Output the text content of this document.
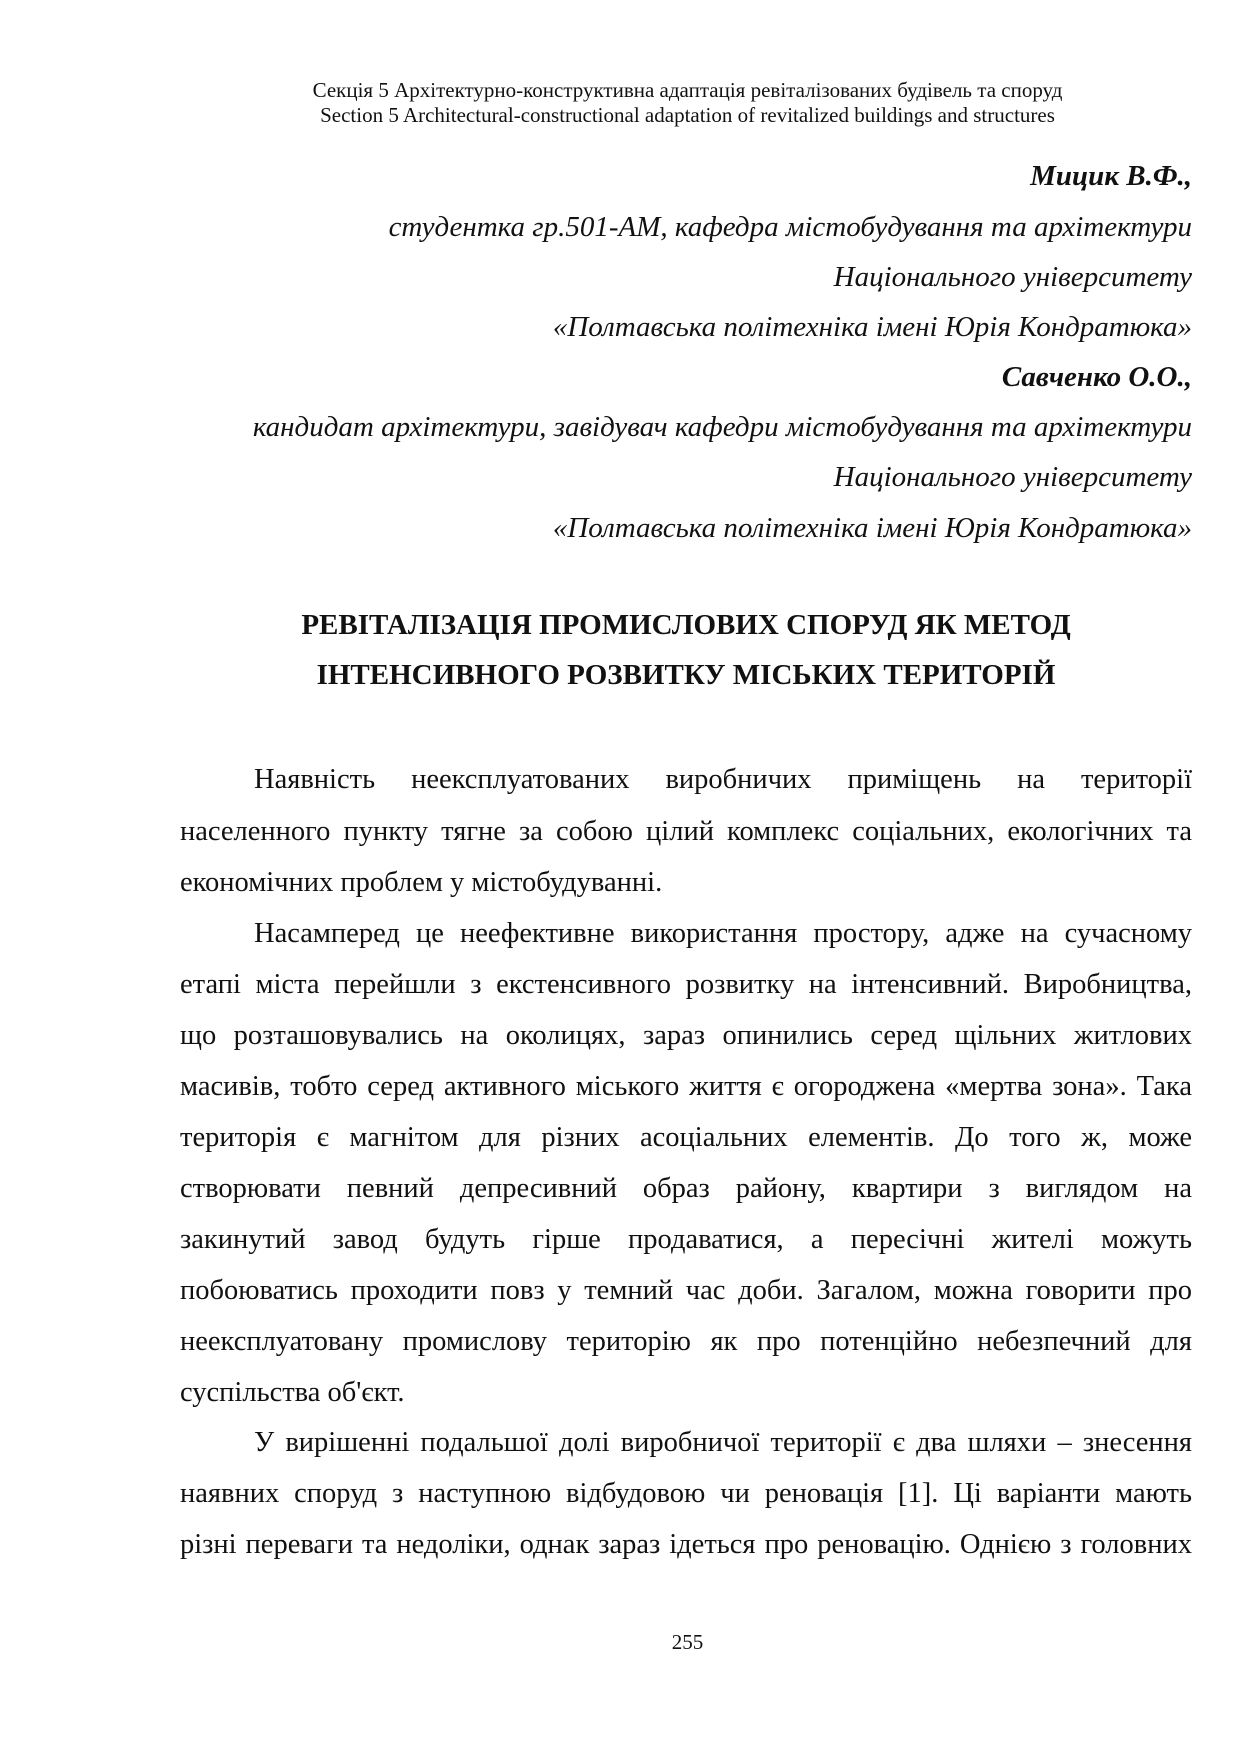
Секція 5 Архітектурно-конструктивна адаптація ревіталізованих будівель та споруд
Section 5 Architectural-constructional adaptation of revitalized buildings and structures
Мицик В.Ф.,
студентка гр.501-АМ, кафедра містобудування та архітектури
Національного університету
«Полтавська політехніка імені Юрія Кондратюка»
Савченко О.О.,
кандидат архітектури, завідувач кафедри містобудування та архітектури
Національного університету
«Полтавська політехніка імені Юрія Кондратюка»
РЕВІТАЛІЗАЦІЯ ПРОМИСЛОВИХ СПОРУД ЯК МЕТОД
ІНТЕНСИВНОГО РОЗВИТКУ МІСЬКИХ ТЕРИТОРІЙ
Наявність неексплуатованих виробничих приміщень на території
населенного пункту тягне за собою цілий комплекс соціальних, екологічних та
економічних проблем у містобудуванні.
Насамперед це неефективне використання простору, адже на сучасному
етапі міста перейшли з екстенсивного розвитку на інтенсивний. Виробництва,
що розташовувались на околицях, зараз опинились серед щільних житлових
масивів, тобто серед активного міського життя є огороджена «мертва зона». Така
територія є магнітом для різних асоціальних елементів. До того ж, може
створювати певний депресивний образ району, квартири з виглядом на
закинутий завод будуть гірше продаватися, а пересічні жителі можуть
побоюватись проходити повз у темний час доби. Загалом, можна говорити про
неексплуатовану промислову територію як про потенційно небезпечний для
суспільства об'єкт.
У вирішенні подальшої долі виробничої території є два шляхи – знесення
наявних споруд з наступною відбудовою чи реновація [1]. Ці варіанти мають
різні переваги та недоліки, однак зараз ідеться про реновацію. Однією з головних
255
